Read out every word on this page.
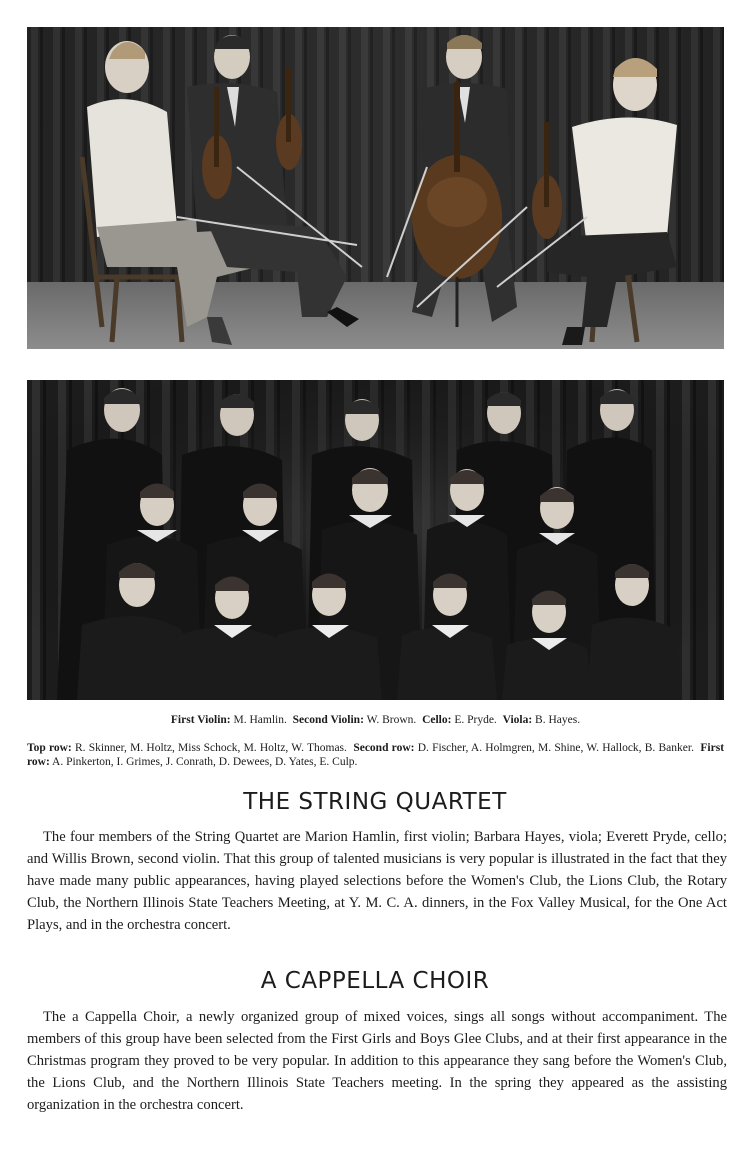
First Violin: M. Hamlin. Second Violin: W. Brown. Cello: E. Pryde. Viola: B. Hayes.
Top row: R. Skinner, M. Holtz, Miss Schock, M. Holtz, W. Thomas. Second row: D. Fischer, A. Holmgren, M. Shine, W. Hallock, B. Banker. First row: A. Pinkerton, I. Grimes, J. Conrath, D. Dewees, D. Yates, E. Culp.
THE STRING QUARTET

The four members of the String Quartet are Marion Hamlin, first violin; Barbara Hayes, viola; Everett Pryde, cello; and Willis Brown, second violin. That this group of talented musicians is very popular is illustrated in the fact that they have made many public appearances, having played selections before the Women's Club, the Lions Club, the Rotary Club, the Northern Illinois State Teachers Meeting, at Y. M. C. A. dinners, in the Fox Valley Musical, for the One Act Plays, and in the orchestra concert.

A CAPPELLA CHOIR

The a Cappella Choir, a newly organized group of mixed voices, sings all songs without accompaniment. The members of this group have been selected from the First Girls and Boys Glee Clubs, and at their first appearance in the Christmas program they proved to be very popular. In addition to this appearance they sang before the Women's Club, the Lions Club, and the Northern Illinois State Teachers meeting. In the spring they appeared as the assisting organization in the orchestra concert.
